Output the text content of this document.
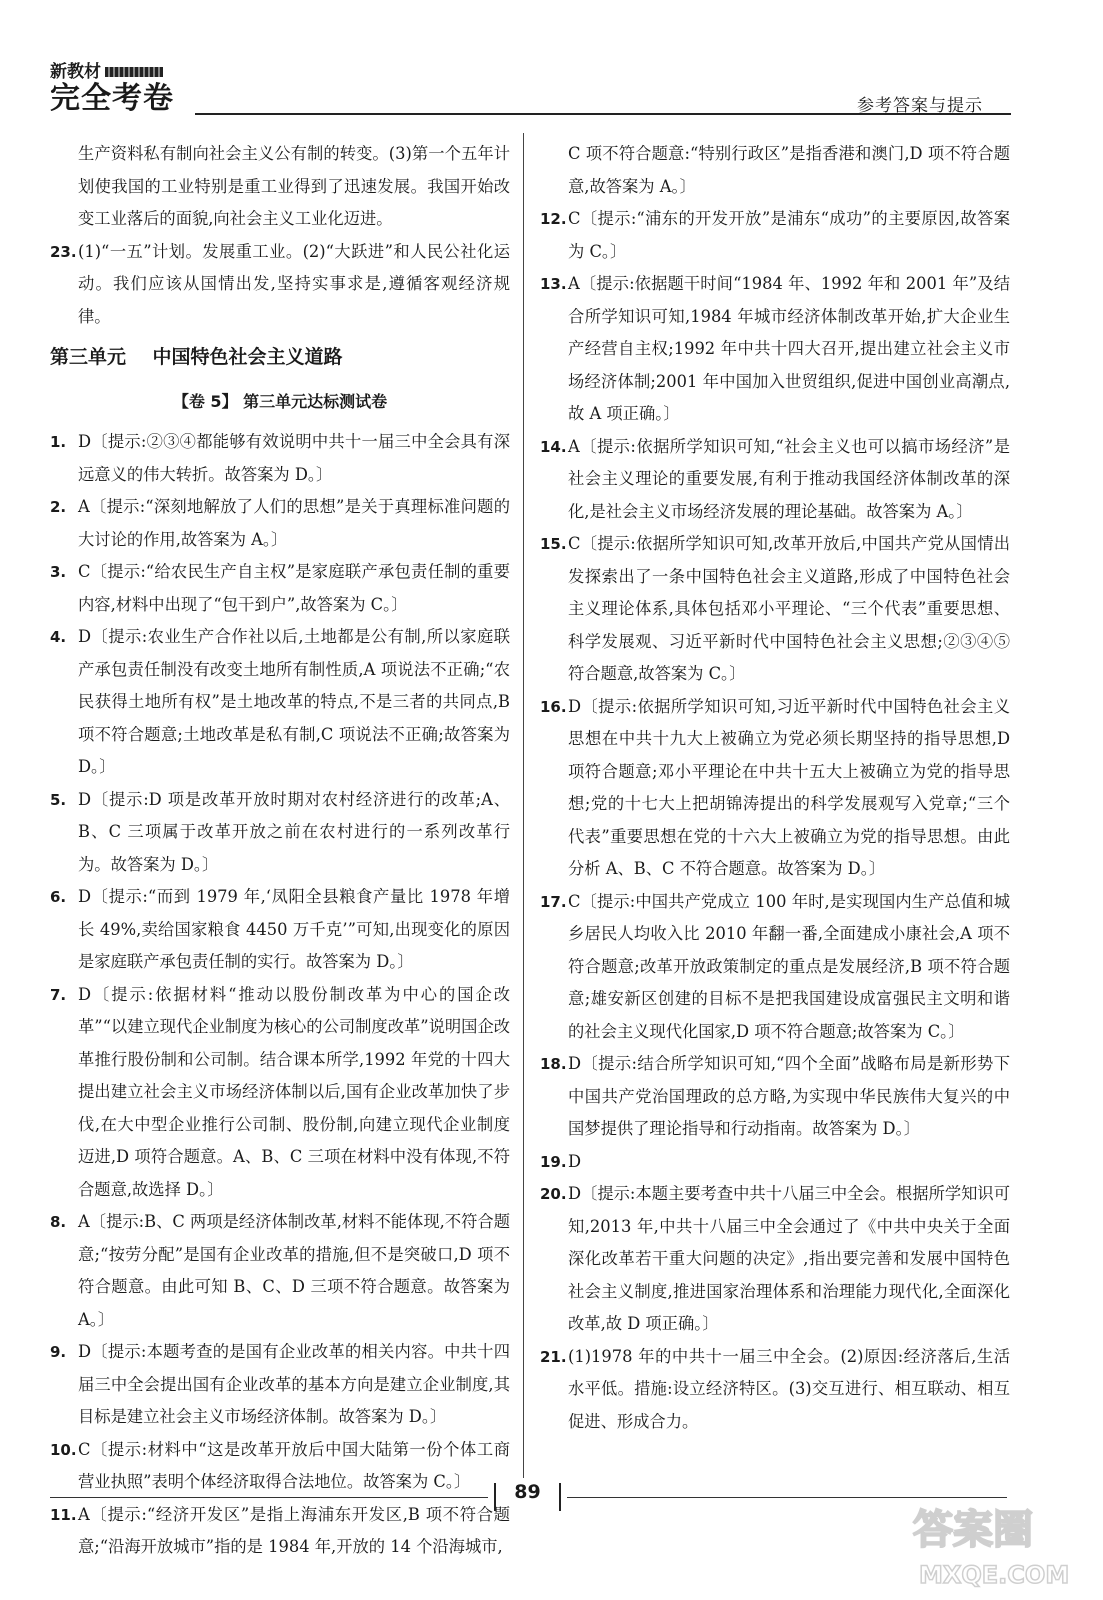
新教材
完全考卷	参考答案与提示
生产资料私有制向社会主义公有制的转变。(3)第一个五年计划使我国的工业特别是重工业得到了迅速发展。我国开始改变工业落后的面貌,向社会主义工业化迈进。
23. (1)“一五”计划。发展重工业。(2)“大跃进”和人民公社化运动。我们应该从国情出发,坚持实事求是,遵循客观经济规律。
第三单元    中国特色社会主义道路
【卷 5】 第三单元达标测试卷
1. D〔提示:②③④都能够有效说明中共十一届三中全会具有深远意义的伟大转折。故答案为 D。〕
2. A〔提示:“深刻地解放了人们的思想”是关于真理标准问题的大讨论的作用,故答案为 A。〕
3. C〔提示:“给农民生产自主权”是家庭联产承包责任制的重要内容,材料中出现了“包干到户”,故答案为 C。〕
4. D〔提示:农业生产合作社以后,土地都是公有制,所以家庭联产承包责任制没有改变土地所有制性质,A 项说法不正确;“农民获得土地所有权”是土地改革的特点,不是三者的共同点,B 项不符合题意;土地改革是私有制,C 项说法不正确;故答案为 D。〕
5. D〔提示:D 项是改革开放时期对农村经济进行的改革;A、B、C 三项属于改革开放之前在农村进行的一系列改革行为。故答案为 D。〕
6. D〔提示:“而到 1979 年,‘凤阳全县粮食产量比 1978 年增长 49%,卖给国家粮食 4450 万千克’”可知,出现变化的原因是家庭联产承包责任制的实行。故答案为 D。〕
7. D〔提示:依据材料“推动以股份制改革为中心的国企改革”“以建立现代企业制度为核心的公司制度改革”说明国企改革推行股份制和公司制。结合课本所学,1992 年党的十四大提出建立社会主义市场经济体制以后,国有企业改革加快了步伐,在大中型企业推行公司制、股份制,向建立现代企业制度迈进,D 项符合题意。A、B、C 三项在材料中没有体现,不符合题意,故选择 D。〕
8. A〔提示:B、C 两项是经济体制改革,材料不能体现,不符合题意;“按劳分配”是国有企业改革的措施,但不是突破口,D 项不符合题意。由此可知 B、C、D 三项不符合题意。故答案为 A。〕
9. D〔提示:本题考查的是国有企业改革的相关内容。中共十四届三中全会提出国有企业改革的基本方向是建立企业制度,其目标是建立社会主义市场经济体制。故答案为 D。〕
10. C〔提示:材料中“这是改革开放后中国大陆第一份个体工商营业执照”表明个体经济取得合法地位。故答案为 C。〕
11. A〔提示:“经济开发区”是指上海浦东开发区,B 项不符合题意;“沿海开放城市”指的是 1984 年,开放的 14 个沿海城市,
C 项不符合题意:“特别行政区”是指香港和澳门,D 项不符合题意,故答案为 A。〕
12. C〔提示:“浦东的开发开放”是浦东“成功”的主要原因,故答案为 C。〕
13. A〔提示:依据题干时间“1984 年、1992 年和 2001 年”及结合所学知识可知,1984 年城市经济体制改革开始,扩大企业生产经营自主权;1992 年中共十四大召开,提出建立社会主义市场经济体制;2001 年中国加入世贸组织,促进中国创业高潮点,故 A 项正确。〕
14. A〔提示:依据所学知识可知,“社会主义也可以搞市场经济”是社会主义理论的重要发展,有利于推动我国经济体制改革的深化,是社会主义市场经济发展的理论基础。故答案为 A。〕
15. C〔提示:依据所学知识可知,改革开放后,中国共产党从国情出发探索出了一条中国特色社会主义道路,形成了中国特色社会主义理论体系,具体包括邓小平理论、“三个代表”重要思想、科学发展观、习近平新时代中国特色社会主义思想;②③④⑤符合题意,故答案为 C。〕
16. D〔提示:依据所学知识可知,习近平新时代中国特色社会主义思想在中共十九大上被确立为党必须长期坚持的指导思想,D 项符合题意;邓小平理论在中共十五大上被确立为党的指导思想;党的十七大上把胡锦涛提出的科学发展观写入党章;“三个代表”重要思想在党的十六大上被确立为党的指导思想。由此分析 A、B、C 不符合题意。故答案为 D。〕
17. C〔提示:中国共产党成立 100 年时,是实现国内生产总值和城乡居民人均收入比 2010 年翻一番,全面建成小康社会,A 项不符合题意;改革开放政策制定的重点是发展经济,B 项不符合题意;雄安新区创建的目标不是把我国建设成富强民主文明和谐的社会主义现代化国家,D 项不符合题意;故答案为 C。〕
18. D〔提示:结合所学知识可知,“四个全面”战略布局是新形势下中国共产党治国理政的总方略,为实现中华民族伟大复兴的中国梦提供了理论指导和行动指南。故答案为 D。〕
19. D
20. D〔提示:本题主要考查中共十八届三中全会。根据所学知识可知,2013 年,中共十八届三中全会通过了《中共中央关于全面深化改革若干重大问题的决定》,指出要完善和发展中国特色社会主义制度,推进国家治理体系和治理能力现代化,全面深化改革,故 D 项正确。〕
21. (1)1978 年的中共十一届三中全会。(2)原因:经济落后,生活水平低。措施:设立经济特区。(3)交互进行、相互联动、相互促进、形成合力。
89
答案圈
MXQE.COM
